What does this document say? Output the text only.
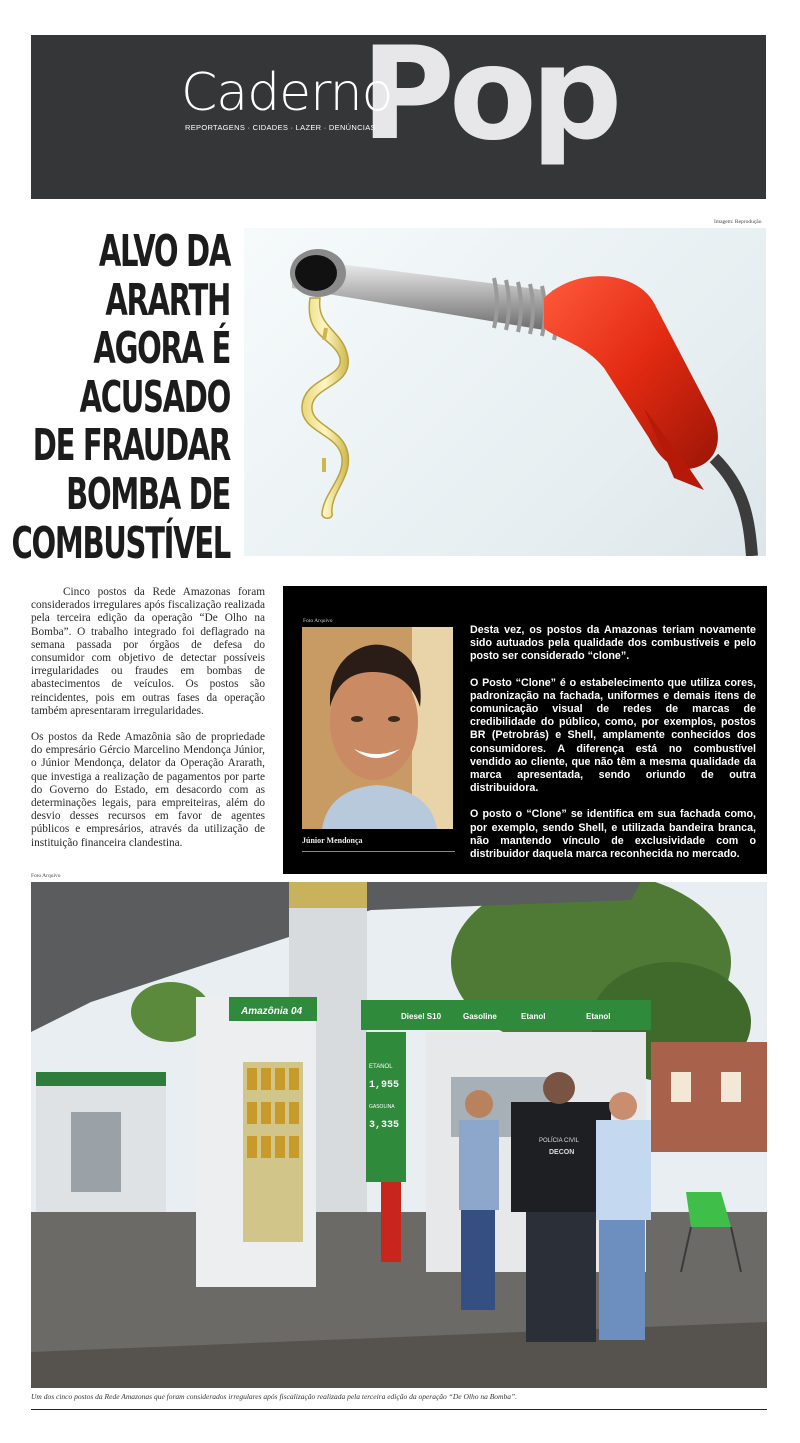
Pop
Caderno
REPORTAGENS · CIDADES · LAZER · DENÚNCIAS
Imagem: Reprodução
ALVO DA
ARARTH
AGORA É
ACUSADO
DE FRAUDAR
BOMBA DE
COMBUSTÍVEL

Cinco postos da Rede Amazonas foram considerados irregulares após fiscalização realizada pela terceira edição da operação “De Olho na Bomba”. O trabalho integrado foi deflagrado na semana passada por órgãos de defesa do consumidor com objetivo de detectar possíveis irregularidades ou fraudes em bombas de abastecimentos de veículos. Os postos são reincidentes, pois em outras fases da operação também apresentaram irregularidades.

Os postos da Rede Amazônia são de propriedade do empresário Gércio Marcelino Mendonça Júnior, o Júnior Mendonça, delator da Operação Ararath, que investiga a realização de pagamentos por parte do Governo do Estado, em desacordo com as determinações legais, para empreiteiras, além do desvio desses recursos em favor de agentes públicos e empresários, através da utilização de instituição financeira clandestina.

Foto Arquivo
Júnior Mendonça

Desta vez, os postos da Amazonas teriam novamente sido autuados pela qualidade dos combustíveis e pelo posto ser considerado “clone”.

O Posto “Clone” é o estabelecimento que utiliza cores, padronização na fachada, uniformes e demais itens de comunicação visual de redes de marcas de credibilidade do público, como, por exemplos, postos BR (Petrobrás) e Shell, amplamente conhecidos dos consumidores. A diferença está no combustível vendido ao cliente, que não têm a mesma qualidade da marca apresentada, sendo oriundo de outra distribuidora.

O posto o “Clone” se identifica em sua fachada como, por exemplo, sendo Shell, e utilizada bandeira branca, não mantendo vínculo de exclusividade com o distribuidor daquela marca reconhecida no mercado.

Foto Arquivo
Amazônia 04	Diesel S10	Gasoline	Etanol	Etanol
ETANOL
1,955
GASOLINA
3,335
POLÍCIA CIVIL
DECON
Um dos cinco postos da Rede Amazonas que foram considerados irregulares após fiscalização realizada pela terceira edição da operação “De Olho na Bomba”.
